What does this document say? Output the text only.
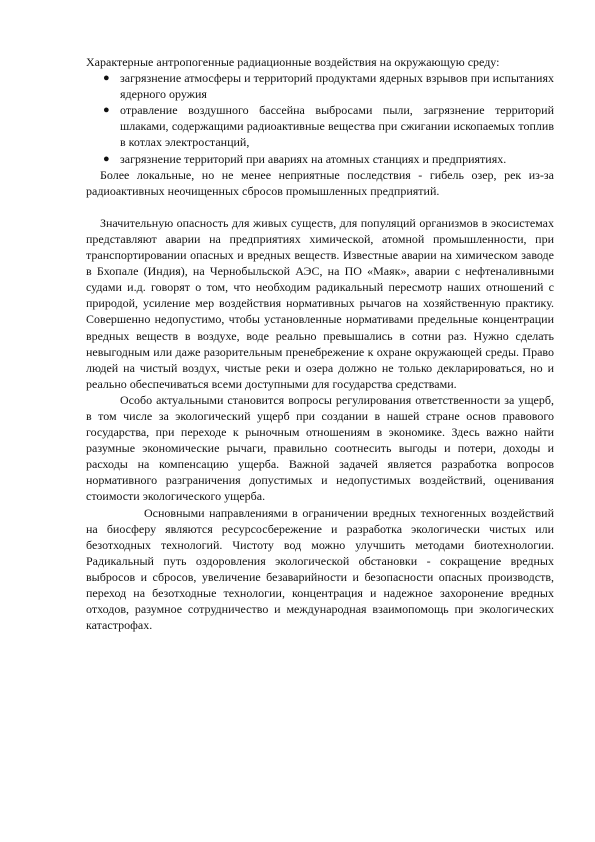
Характерные антропогенные радиационные воздействия на окружающую среду:

● загрязнение атмосферы и территорий продуктами ядерных взрывов при испытаниях ядерного оружия
● отравление воздушного бассейна выбросами пыли, загрязнение территорий шлаками, содержащими радиоактивные вещества при сжигании ископаемых топлив в котлах электростанций,
● загрязнение территорий при авариях на атомных станциях и предприятиях.

Более локальные, но не менее неприятные последствия - гибель озер, рек из-за радиоактивных неочищенных сбросов промышленных предприятий.

Значительную опасность для живых существ, для популяций организмов в экосистемах представляют аварии на предприятиях химической, атомной промышленности, при транспортировании опасных и вредных веществ. Известные аварии на химическом заводе в Бхопале (Индия), на Чернобыльской АЭС, на ПО «Маяк», аварии с нефтеналивными судами и.д. говорят о том, что необходим радикальный пересмотр наших отношений с природой, усиление мер воздействия нормативных рычагов на хозяйственную практику. Совершенно недопустимо, чтобы установленные нормативами предельные концентрации вредных веществ в воздухе, воде реально превышались в сотни раз. Нужно сделать невыгодным или даже разорительным пренебрежение к охране окружающей среды. Право людей на чистый воздух, чистые реки и озера должно не только декларироваться, но и реально обеспечиваться всеми доступными для государства средствами.

Особо актуальными становится вопросы регулирования ответственности за ущерб, в том числе за экологический ущерб при создании в нашей стране основ правового государства, при переходе к рыночным отношениям в экономике. Здесь важно найти разумные экономические рычаги, правильно соотнесить выгоды и потери, доходы и расходы на компенсацию ущерба. Важной задачей является разработка вопросов нормативного разграничения допустимых и недопустимых воздействий, оценивания стоимости экологического ущерба.

Основными направлениями в ограничении вредных техногенных воздействий на биосферу являются ресурсосбережение и разработка экологически чистых или безотходных технологий. Чистоту вод можно улучшить методами биотехнологии. Радикальный путь оздоровления экологической обстановки - сокращение вредных выбросов и сбросов, увеличение безаварийности и безопасности опасных производств, переход на безотходные технологии, концентрация и надежное захоронение вредных отходов, разумное сотрудничество и международная взаимопомощь при экологических катастрофах.
